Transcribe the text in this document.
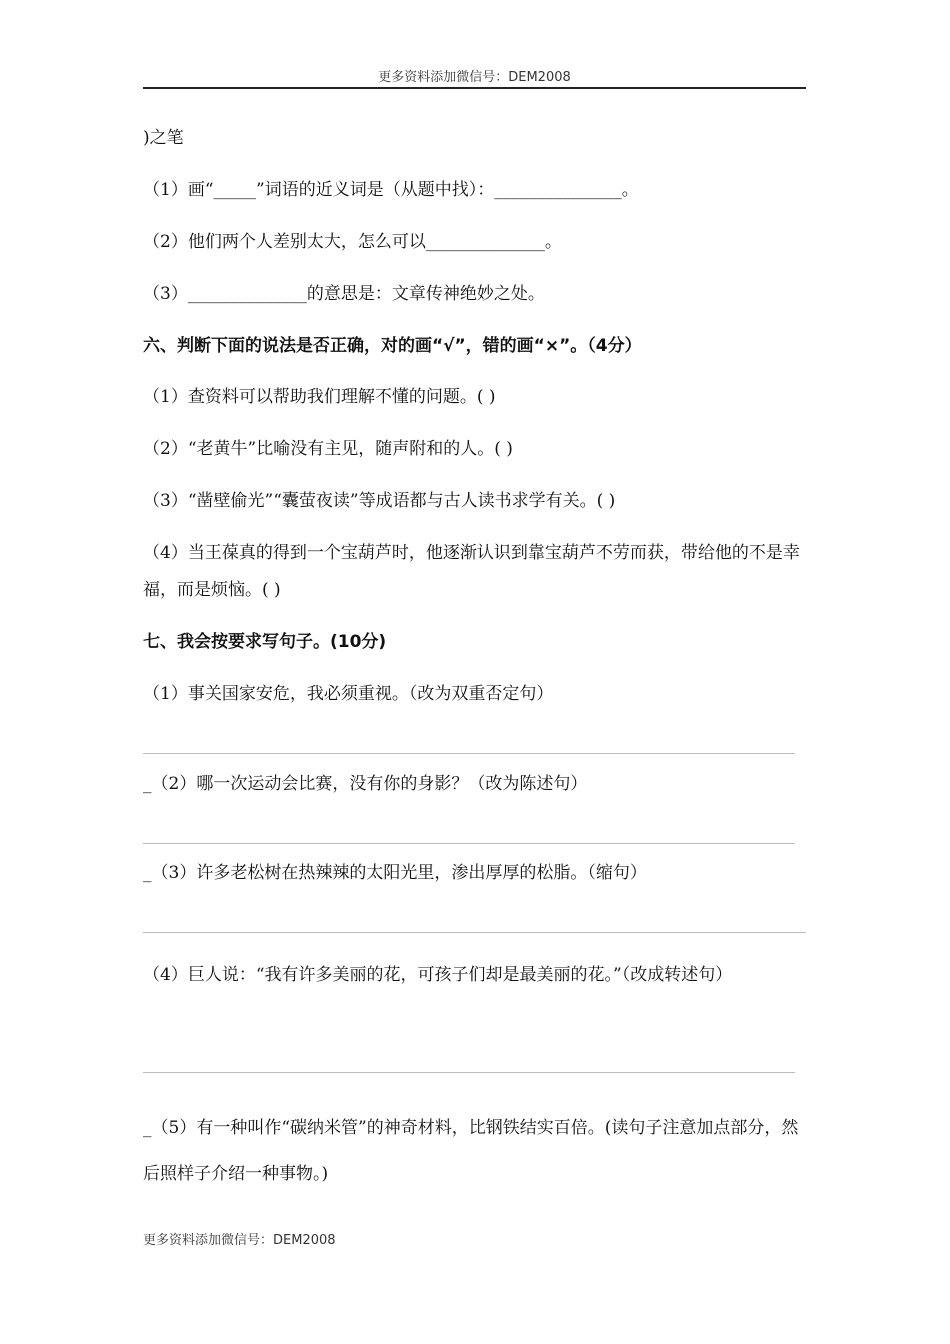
更多资料添加微信号：DEM2008
)之笔
（1）画“_____”词语的近义词是（从题中找）：_______________。
（2）他们两个人差别太大，怎么可以______________。
（3）______________的意思是：文章传神绝妙之处。
六、判断下面的说法是否正确，对的画“√”，错的画“×”。（4分）
（1）查资料可以帮助我们理解不懂的问题。( )
（2）“老黄牛”比喻没有主见，随声附和的人。( )
（3）“凿壁偷光”“囊萤夜读”等成语都与古人读书求学有关。( )
（4）当王葆真的得到一个宝葫芦时，他逐渐认识到靠宝葫芦不劳而获，带给他的不是幸福，而是烦恼。( )
七、我会按要求写句子。(10分)
（1）事关国家安危，我必须重视。（改为双重否定句）
_（2）哪一次运动会比赛，没有你的身影？（改为陈述句）
_（3）许多老松树在热辣辣的太阳光里，渗出厚厚的松脂。（缩句）
（4）巨人说：“我有许多美丽的花，可孩子们却是最美丽的花。”（改成转述句）
_（5）有一种叫作“碳纳米管”的神奇材料，比钢铁结实百倍。(读句子注意加点部分，然后照样子介绍一种事物。)
更多资料添加微信号：DEM2008
